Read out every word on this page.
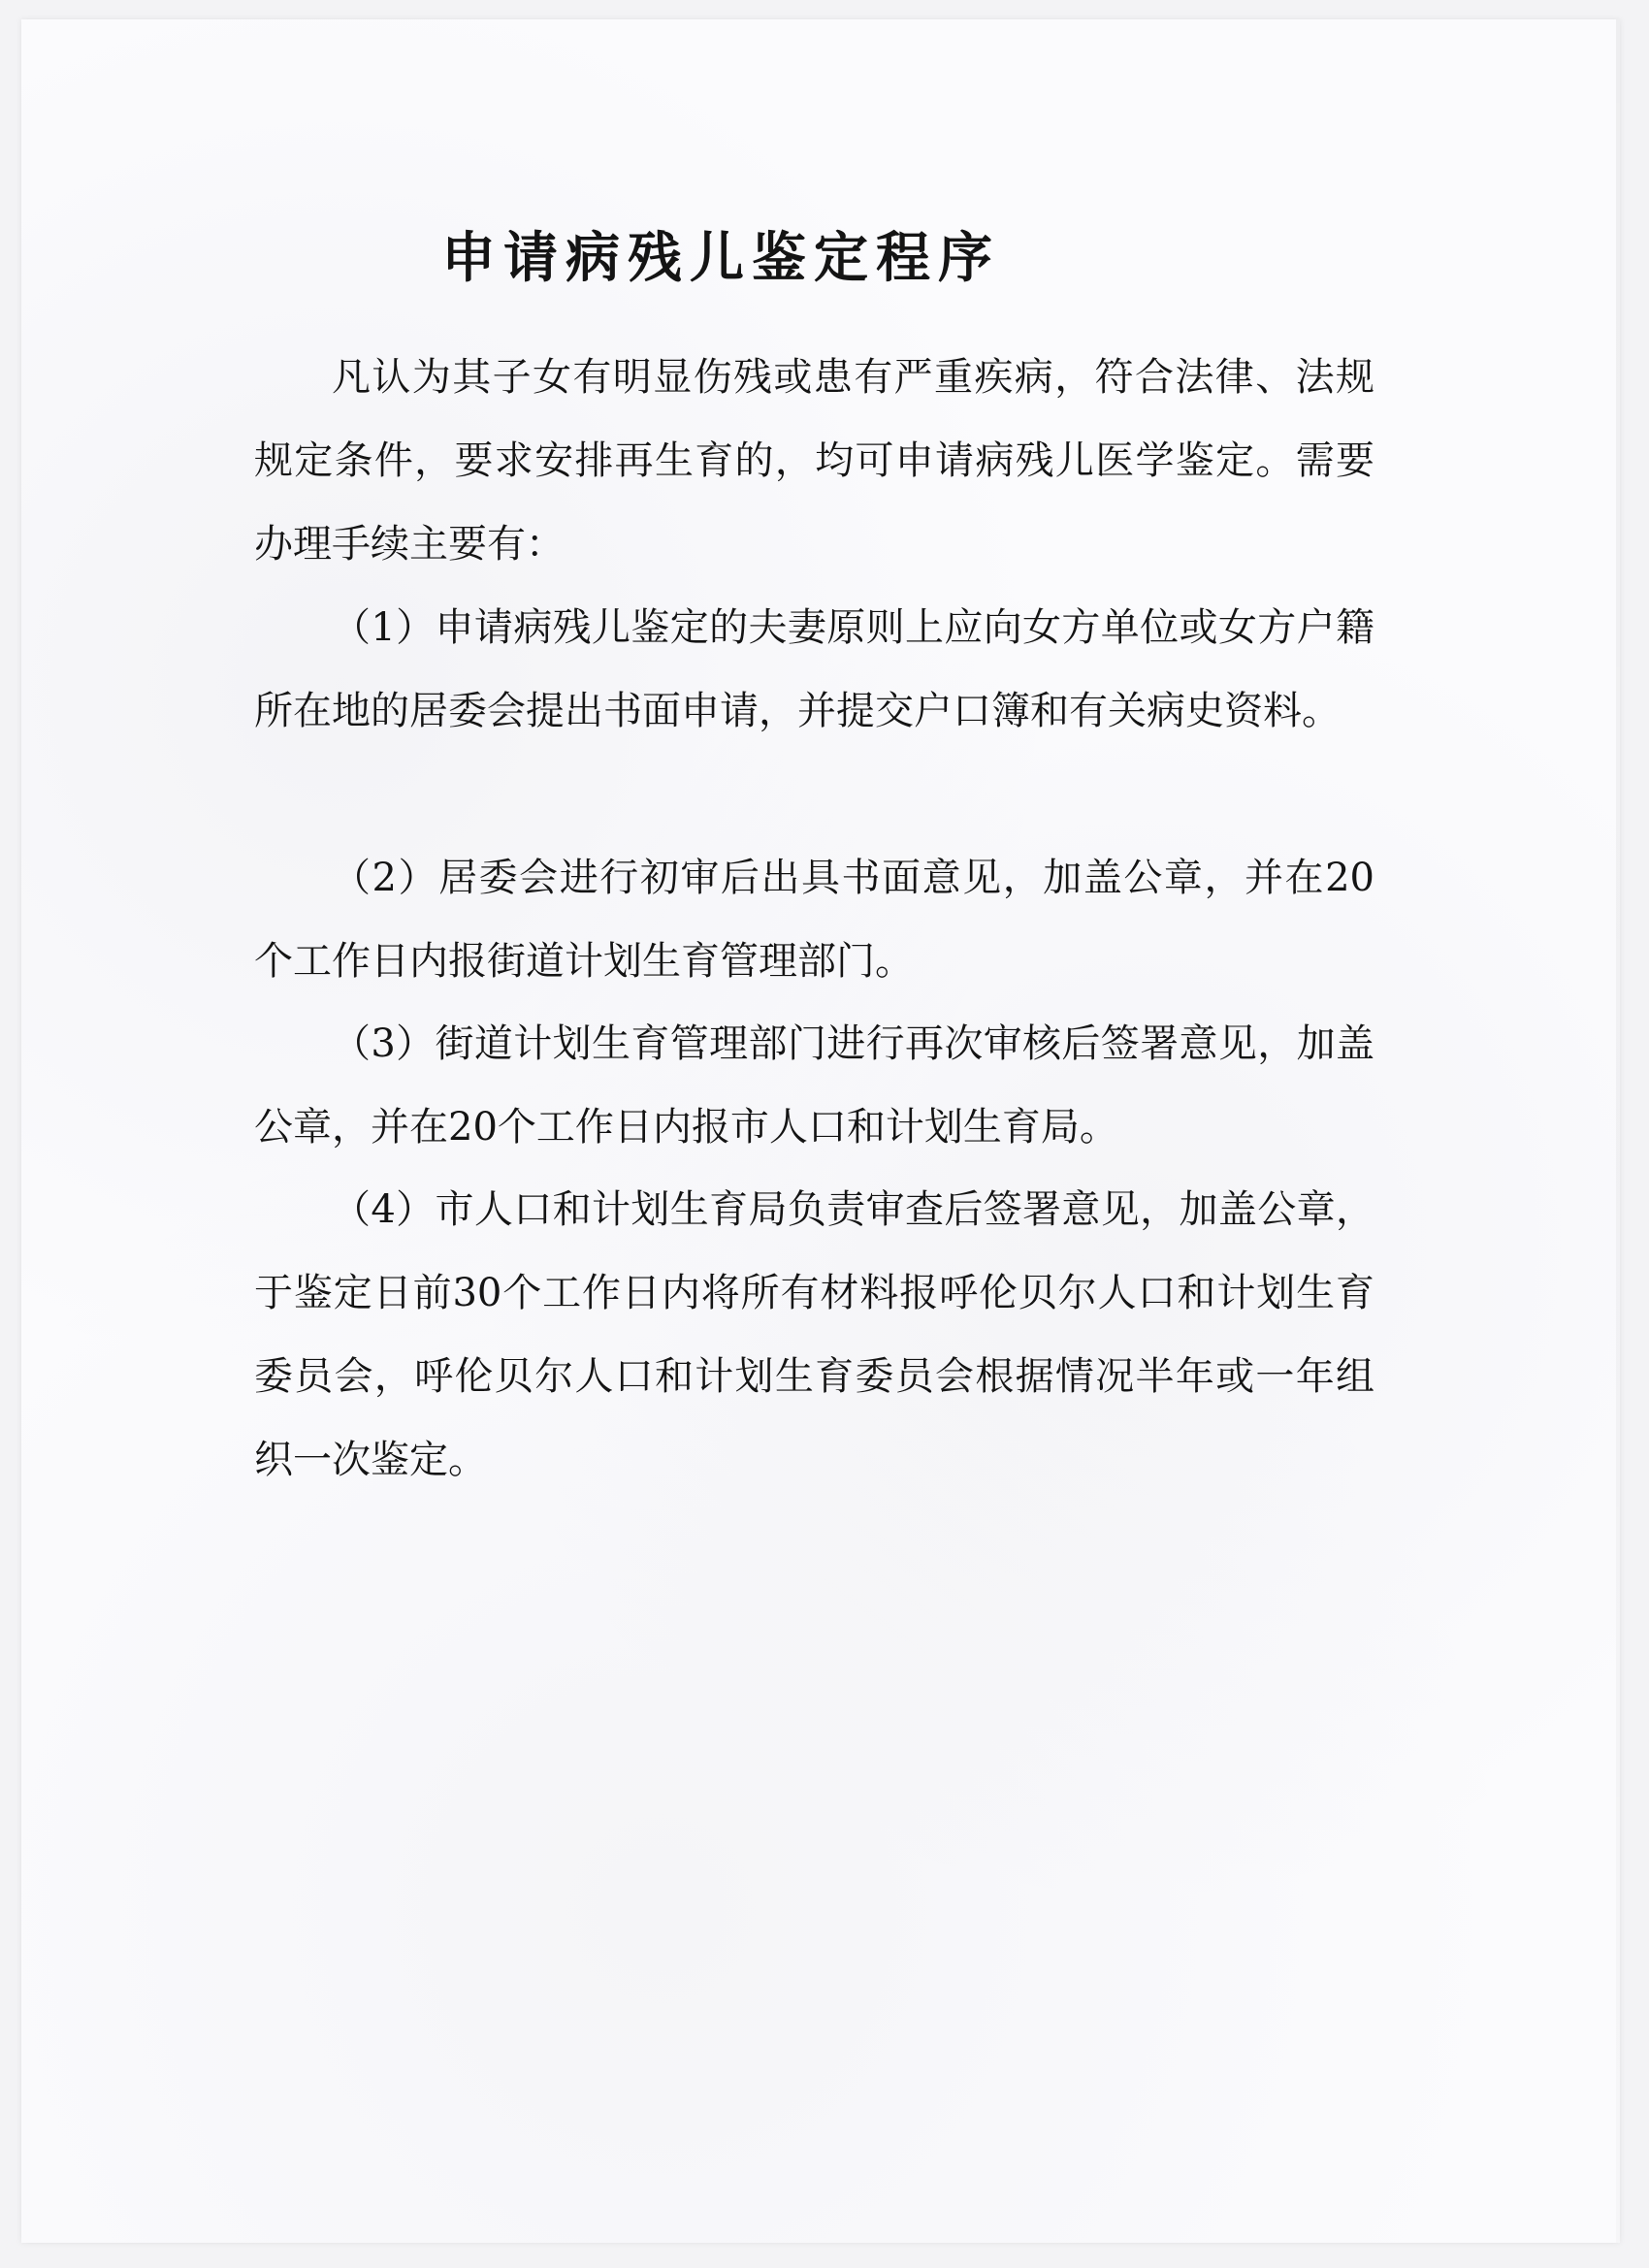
申请病残儿鉴定程序

凡认为其子女有明显伤残或患有严重疾病，符合法律、法规规定条件，要求安排再生育的，均可申请病残儿医学鉴定。需要办理手续主要有：

（1）申请病残儿鉴定的夫妻原则上应向女方单位或女方户籍所在地的居委会提出书面申请，并提交户口簿和有关病史资料。

（2）居委会进行初审后出具书面意见，加盖公章，并在20个工作日内报街道计划生育管理部门。

（3）街道计划生育管理部门进行再次审核后签署意见，加盖公章，并在20个工作日内报市人口和计划生育局。

（4）市人口和计划生育局负责审查后签署意见，加盖公章，于鉴定日前30个工作日内将所有材料报呼伦贝尔人口和计划生育委员会，呼伦贝尔人口和计划生育委员会根据情况半年或一年组织一次鉴定。
